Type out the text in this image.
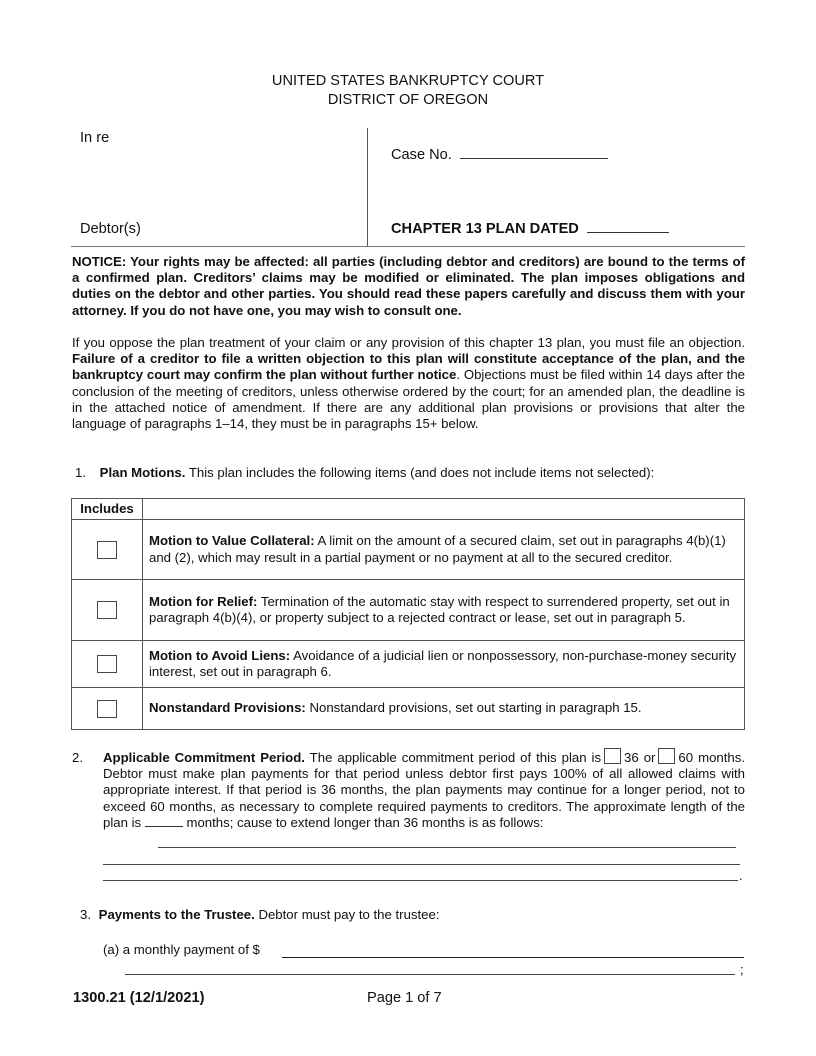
UNITED STATES BANKRUPTCY COURT
DISTRICT OF OREGON
In re
Debtor(s)
Case No.
CHAPTER 13 PLAN DATED
NOTICE: Your rights may be affected: all parties (including debtor and creditors) are bound to the terms of a confirmed plan. Creditors’ claims may be modified or eliminated. The plan imposes obligations and duties on the debtor and other parties. You should read these papers carefully and discuss them with your attorney. If you do not have one, you may wish to consult one.
If you oppose the plan treatment of your claim or any provision of this chapter 13 plan, you must file an objection. Failure of a creditor to file a written objection to this plan will constitute acceptance of the plan, and the bankruptcy court may confirm the plan without further notice. Objections must be filed within 14 days after the conclusion of the meeting of creditors, unless otherwise ordered by the court; for an amended plan, the deadline is in the attached notice of amendment. If there are any additional plan provisions or provisions that alter the language of paragraphs 1–14, they must be in paragraphs 15+ below.
1. Plan Motions. This plan includes the following items (and does not include items not selected):
Includes	
	Motion to Value Collateral: A limit on the amount of a secured claim, set out in paragraphs 4(b)(1) and (2), which may result in a partial payment or no payment at all to the secured creditor.
	Motion for Relief: Termination of the automatic stay with respect to surrendered property, set out in paragraph 4(b)(4), or property subject to a rejected contract or lease, set out in paragraph 5.
	Motion to Avoid Liens: Avoidance of a judicial lien or nonpossessory, non-purchase-money security interest, set out in paragraph 6.
	Nonstandard Provisions: Nonstandard provisions, set out starting in paragraph 15.
2. Applicable Commitment Period. The applicable commitment period of this plan is 36 or 60 months. Debtor must make plan payments for that period unless debtor first pays 100% of all allowed claims with appropriate interest. If that period is 36 months, the plan payments may continue for a longer period, not to exceed 60 months, as necessary to complete required payments to creditors. The approximate length of the plan is	months; cause to extend longer than 36 months is as follows:
.
3. Payments to the Trustee. Debtor must pay to the trustee:
(a) a monthly payment of $
;
1300.21 (12/1/2021)	Page 1 of 7
